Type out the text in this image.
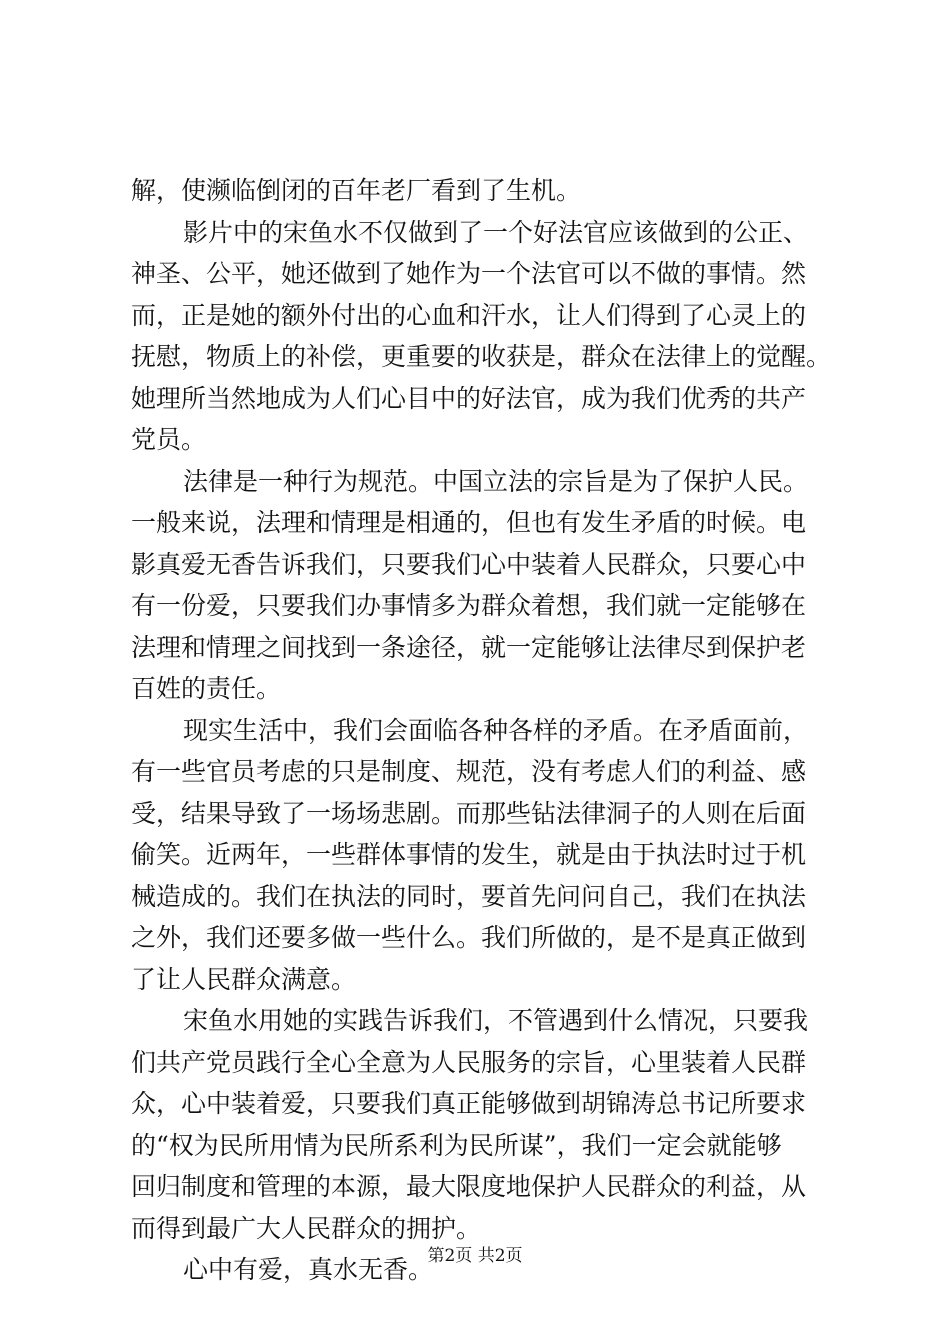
解，使濒临倒闭的百年老厂看到了生机。
影片中的宋鱼水不仅做到了一个好法官应该做到的公正、
神圣、公平，她还做到了她作为一个法官可以不做的事情。然
而，正是她的额外付出的心血和汗水，让人们得到了心灵上的
抚慰，物质上的补偿，更重要的收获是，群众在法律上的觉醒。
她理所当然地成为人们心目中的好法官，成为我们优秀的共产
党员。
法律是一种行为规范。中国立法的宗旨是为了保护人民。
一般来说，法理和情理是相通的，但也有发生矛盾的时候。电
影真爱无香告诉我们，只要我们心中装着人民群众，只要心中
有一份爱，只要我们办事情多为群众着想，我们就一定能够在
法理和情理之间找到一条途径，就一定能够让法律尽到保护老
百姓的责任。
现实生活中，我们会面临各种各样的矛盾。在矛盾面前，
有一些官员考虑的只是制度、规范，没有考虑人们的利益、感
受，结果导致了一场场悲剧。而那些钻法律洞子的人则在后面
偷笑。近两年，一些群体事情的发生，就是由于执法时过于机
械造成的。我们在执法的同时，要首先问问自己，我们在执法
之外，我们还要多做一些什么。我们所做的，是不是真正做到
了让人民群众满意。
宋鱼水用她的实践告诉我们，不管遇到什么情况，只要我
们共产党员践行全心全意为人民服务的宗旨，心里装着人民群
众，心中装着爱，只要我们真正能够做到胡锦涛总书记所要求
的“权为民所用情为民所系利为民所谋”，我们一定会就能够
回归制度和管理的本源，最大限度地保护人民群众的利益，从
而得到最广大人民群众的拥护。
心中有爱，真水无香。
第2页 共2页
